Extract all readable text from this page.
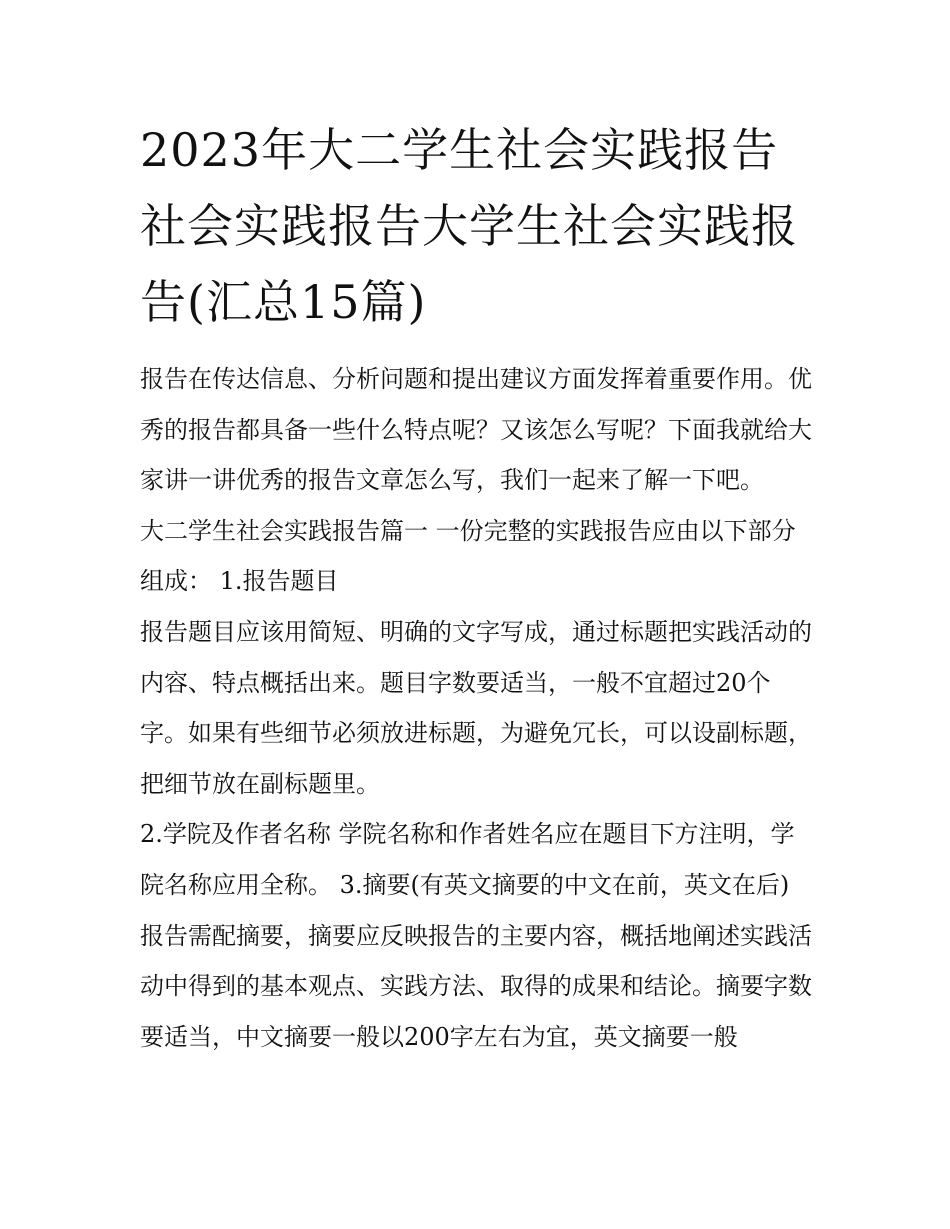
2023年大二学生社会实践报告社会实践报告大学生社会实践报告(汇总15篇)

报告在传达信息、分析问题和提出建议方面发挥着重要作用。优秀的报告都具备一些什么特点呢？又该怎么写呢？下面我就给大家讲一讲优秀的报告文章怎么写，我们一起来了解一下吧。

大二学生社会实践报告篇一 一份完整的实践报告应由以下部分组成： 1.报告题目

报告题目应该用简短、明确的文字写成，通过标题把实践活动的内容、特点概括出来。题目字数要适当，一般不宜超过20个字。如果有些细节必须放进标题，为避免冗长，可以设副标题，把细节放在副标题里。

2.学院及作者名称 学院名称和作者姓名应在题目下方注明，学院名称应用全称。 3.摘要(有英文摘要的中文在前，英文在后) 报告需配摘要，摘要应反映报告的主要内容，概括地阐述实践活动中得到的基本观点、实践方法、取得的成果和结论。摘要字数要适当，中文摘要一般以200字左右为宜，英文摘要一般
